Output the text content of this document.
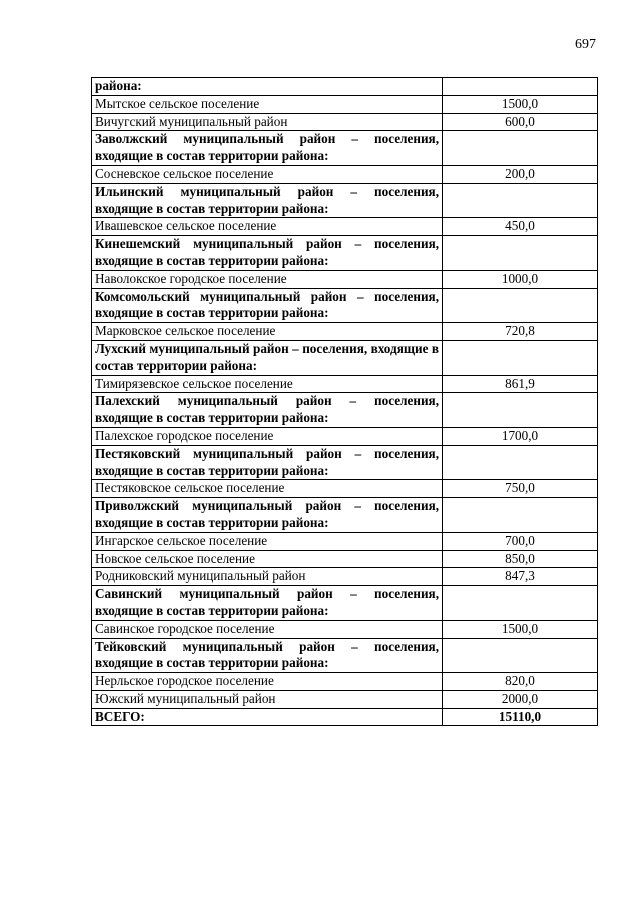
697
района:	
Мытское сельское поселение	1500,0
Вичугский муниципальный район	600,0
Заволжский муниципальный район – поселения, входящие в состав территории района:	
Сосневское сельское поселение	200,0
Ильинский муниципальный район – поселения, входящие в состав территории района:	
Ивашевское сельское поселение	450,0
Кинешемский муниципальный район – поселения, входящие в состав территории района:	
Наволокское городское поселение	1000,0
Комсомольский муниципальный район – поселения, входящие в состав территории района:	
Марковское сельское поселение	720,8
Лухский муниципальный район – поселения, входящие в состав территории района:	
Тимирязевское сельское поселение	861,9
Палехский муниципальный район – поселения, входящие в состав территории района:	
Палехское городское поселение	1700,0
Пестяковский муниципальный район – поселения, входящие в состав территории района:	
Пестяковское сельское поселение	750,0
Приволжский муниципальный район – поселения, входящие в состав территории района:	
Ингарское сельское поселение	700,0
Новское сельское поселение	850,0
Родниковский муниципальный район	847,3
Савинский муниципальный район – поселения, входящие в состав территории района:	
Савинское городское поселение	1500,0
Тейковский муниципальный район – поселения, входящие в состав территории района:	
Нерльское городское поселение	820,0
Южский муниципальный район	2000,0
ВСЕГО:	15110,0
